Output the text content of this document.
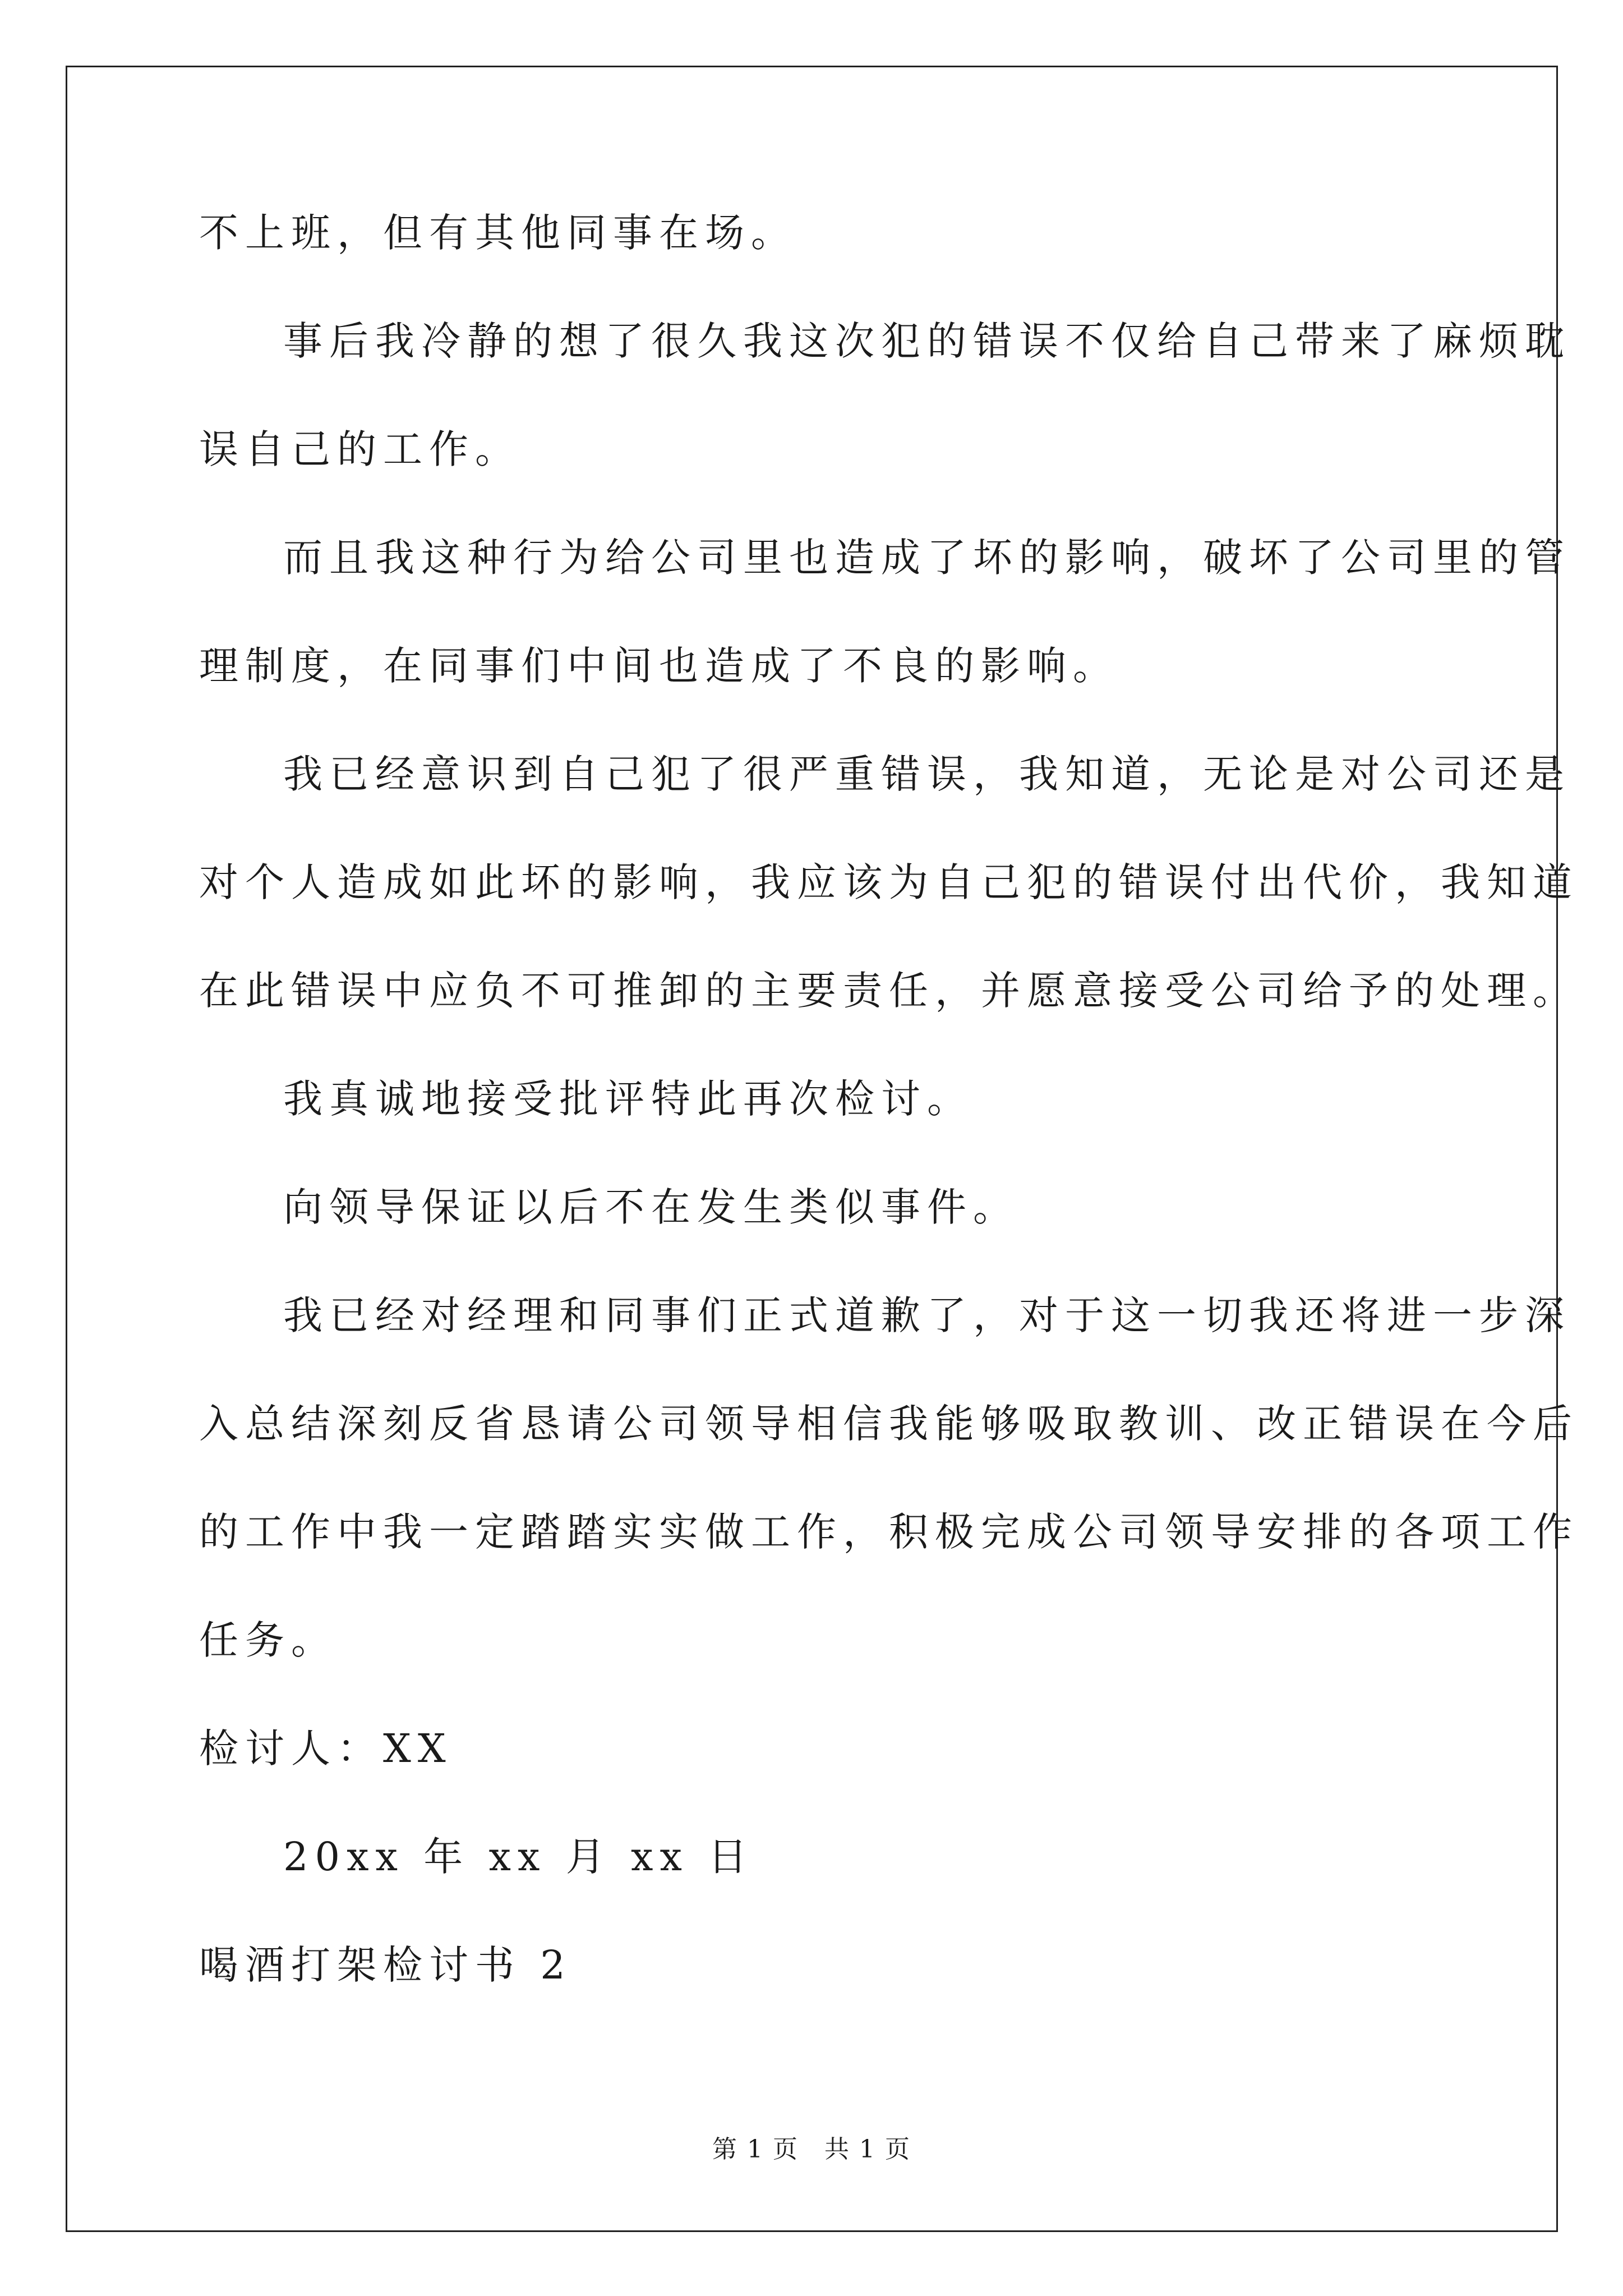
不上班，但有其他同事在场。
事后我冷静的想了很久我这次犯的错误不仅给自己带来了麻烦耽
误自己的工作。
而且我这种行为给公司里也造成了坏的影响，破坏了公司里的管
理制度，在同事们中间也造成了不良的影响。
我已经意识到自己犯了很严重错误，我知道，无论是对公司还是
对个人造成如此坏的影响，我应该为自己犯的错误付出代价，我知道
在此错误中应负不可推卸的主要责任，并愿意接受公司给予的处理。
我真诚地接受批评特此再次检讨。
向领导保证以后不在发生类似事件。
我已经对经理和同事们正式道歉了，对于这一切我还将进一步深
入总结深刻反省恳请公司领导相信我能够吸取教训、改正错误在今后
的工作中我一定踏踏实实做工作，积极完成公司领导安排的各项工作
任务。
检讨人：XX
20xx 年 xx 月 xx 日
喝酒打架检讨书 2
第 1 页　共 1 页
